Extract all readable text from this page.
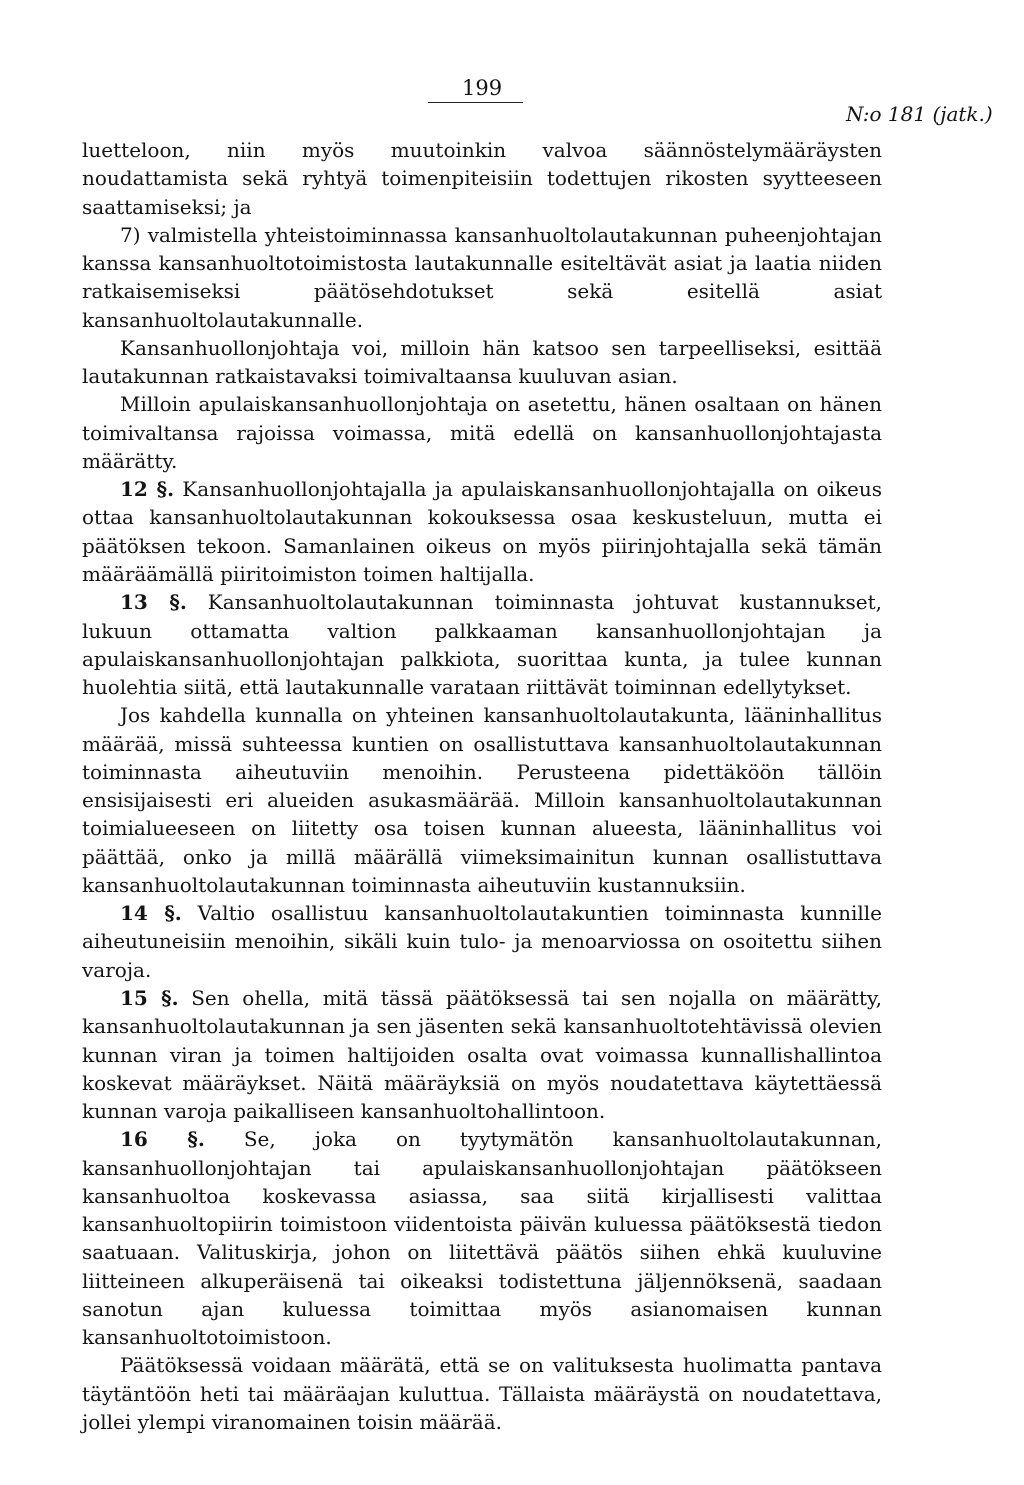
199
N:o 181 (jatk.)

luetteloon, niin myös muutoinkin valvoa säännöstelymääräysten noudattamista sekä ryhtyä toimenpiteisiin todettujen rikosten syytteeseen saattamiseksi; ja

7) valmistella yhteistoiminnassa kansanhuoltolautakunnan puheenjohtajan kanssa kansanhuoltotoimistosta lautakunnalle esiteltävät asiat ja laatia niiden ratkaisemiseksi päätösehdotukset sekä esitellä asiat kansanhuoltolautakunnalle.

Kansanhuollonjohtaja voi, milloin hän katsoo sen tarpeelliseksi, esittää lautakunnan ratkaistavaksi toimivaltaansa kuuluvan asian.

Milloin apulaiskansanhuollonjohtaja on asetettu, hänen osaltaan on hänen toimivaltansa rajoissa voimassa, mitä edellä on kansanhuollonjohtajasta määrätty.

12 §. Kansanhuollonjohtajalla ja apulaiskansanhuollonjohtajalla on oikeus ottaa kansanhuoltolautakunnan kokouksessa osaa keskusteluun, mutta ei päätöksen tekoon. Samanlainen oikeus on myös piirinjohtajalla sekä tämän määräämällä piiritoimiston toimen haltijalla.

13 §. Kansanhuoltolautakunnan toiminnasta johtuvat kustannukset, lukuun ottamatta valtion palkkaaman kansanhuollonjohtajan ja apulaiskansanhuollonjohtajan palkkiota, suorittaa kunta, ja tulee kunnan huolehtia siitä, että lautakunnalle varataan riittävät toiminnan edellytykset.

Jos kahdella kunnalla on yhteinen kansanhuoltolautakunta, lääninhallitus määrää, missä suhteessa kuntien on osallistuttava kansanhuoltolautakunnan toiminnasta aiheutuviin menoihin. Perusteena pidettäköön tällöin ensisijaisesti eri alueiden asukasmäärää. Milloin kansanhuoltolautakunnan toimialueeseen on liitetty osa toisen kunnan alueesta, lääninhallitus voi päättää, onko ja millä määrällä viimeksimainitun kunnan osallistuttava kansanhuoltolautakunnan toiminnasta aiheutuviin kustannuksiin.

14 §. Valtio osallistuu kansanhuoltolautakuntien toiminnasta kunnille aiheutuneisiin menoihin, sikäli kuin tulo- ja menoarviossa on osoitettu siihen varoja.

15 §. Sen ohella, mitä tässä päätöksessä tai sen nojalla on määrätty, kansanhuoltolautakunnan ja sen jäsenten sekä kansanhuoltotehtävissä olevien kunnan viran ja toimen haltijoiden osalta ovat voimassa kunnallishallintoa koskevat määräykset. Näitä määräyksiä on myös noudatettava käytettäessä kunnan varoja paikalliseen kansanhuoltohallintoon.

16 §. Se, joka on tyytymätön kansanhuoltolautakunnan, kansanhuollonjohtajan tai apulaiskansanhuollonjohtajan päätökseen kansanhuoltoa koskevassa asiassa, saa siitä kirjallisesti valittaa kansanhuoltopiirin toimistoon viidentoista päivän kuluessa päätöksestä tiedon saatuaan. Valituskirja, johon on liitettävä päätös siihen ehkä kuuluvine liitteineen alkuperäisenä tai oikeaksi todistettuna jäljennöksenä, saadaan sanotun ajan kuluessa toimittaa myös asianomaisen kunnan kansanhuoltotoimistoon.

Päätöksessä voidaan määrätä, että se on valituksesta huolimatta pantava täytäntöön heti tai määräajan kuluttua. Tällaista määräystä on noudatettava, jollei ylempi viranomainen toisin määrää.
